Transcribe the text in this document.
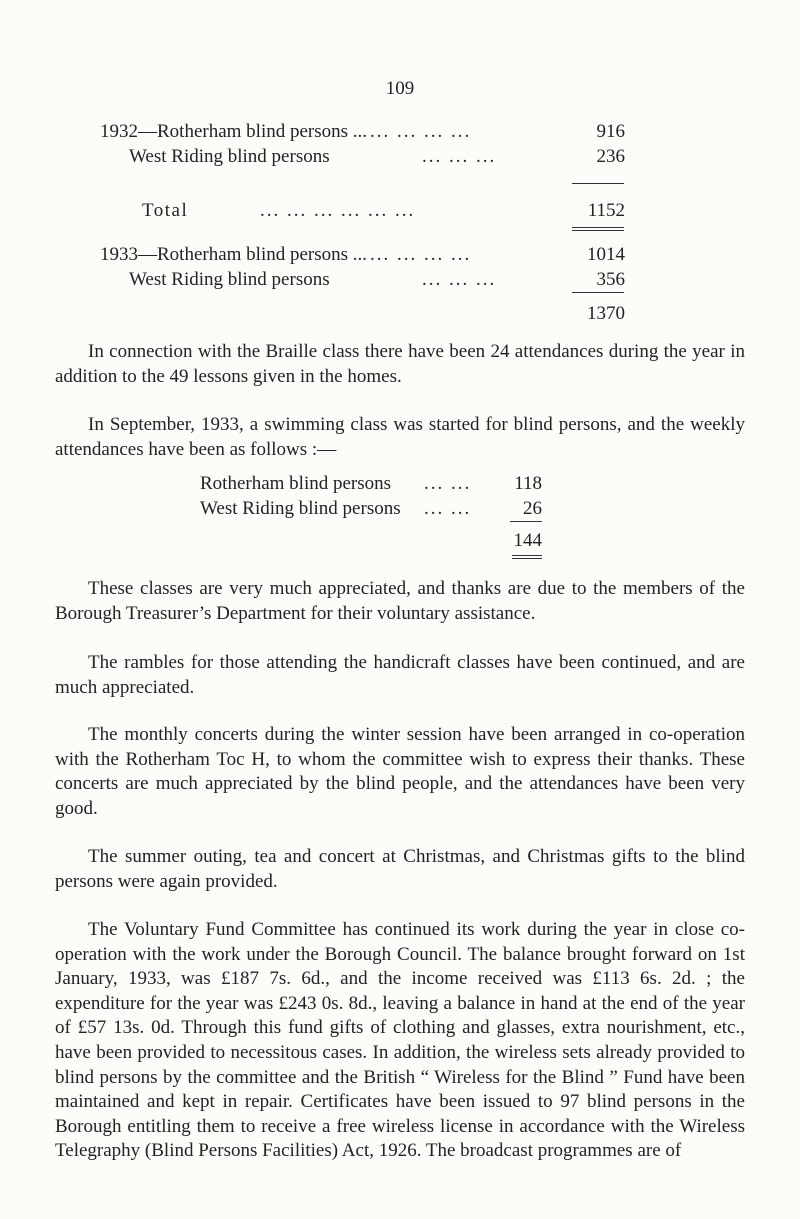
109
1932—Rotherham blind persons ... ... ... ... ...	916
West Riding blind persons	... ... ...	236
Total	... ... ... ... ... ...	1152
1933—Rotherham blind persons ... ... ... ... ...	1014
West Riding blind persons	... ... ...	356
1370

In connection with the Braille class there have been 24 attendances during the year in addition to the 49 lessons given in the homes.

In September, 1933, a swimming class was started for blind persons, and the weekly attendances have been as follows :—

Rotherham blind persons ... ...	118
West Riding blind persons ... ...	26
144

These classes are very much appreciated, and thanks are due to the members of the Borough Treasurer’s Department for their voluntary assistance.

The rambles for those attending the handicraft classes have been continued, and are much appreciated.

The monthly concerts during the winter session have been arranged in co-operation with the Rotherham Toc H, to whom the committee wish to express their thanks. These concerts are much appreciated by the blind people, and the attendances have been very good.

The summer outing, tea and concert at Christmas, and Christmas gifts to the blind persons were again provided.

The Voluntary Fund Committee has continued its work during the year in close co-operation with the work under the Borough Council. The balance brought forward on 1st January, 1933, was £187 7s. 6d., and the income received was £113 6s. 2d. ; the expenditure for the year was £243 0s. 8d., leaving a balance in hand at the end of the year of £57 13s. 0d. Through this fund gifts of clothing and glasses, extra nourishment, etc., have been provided to necessitous cases. In addition, the wireless sets already provided to blind persons by the committee and the British “ Wireless for the Blind ” Fund have been maintained and kept in repair. Certificates have been issued to 97 blind persons in the Borough entitling them to receive a free wireless license in accordance with the Wireless Telegraphy (Blind Persons Facilities) Act, 1926. The broadcast programmes are of
